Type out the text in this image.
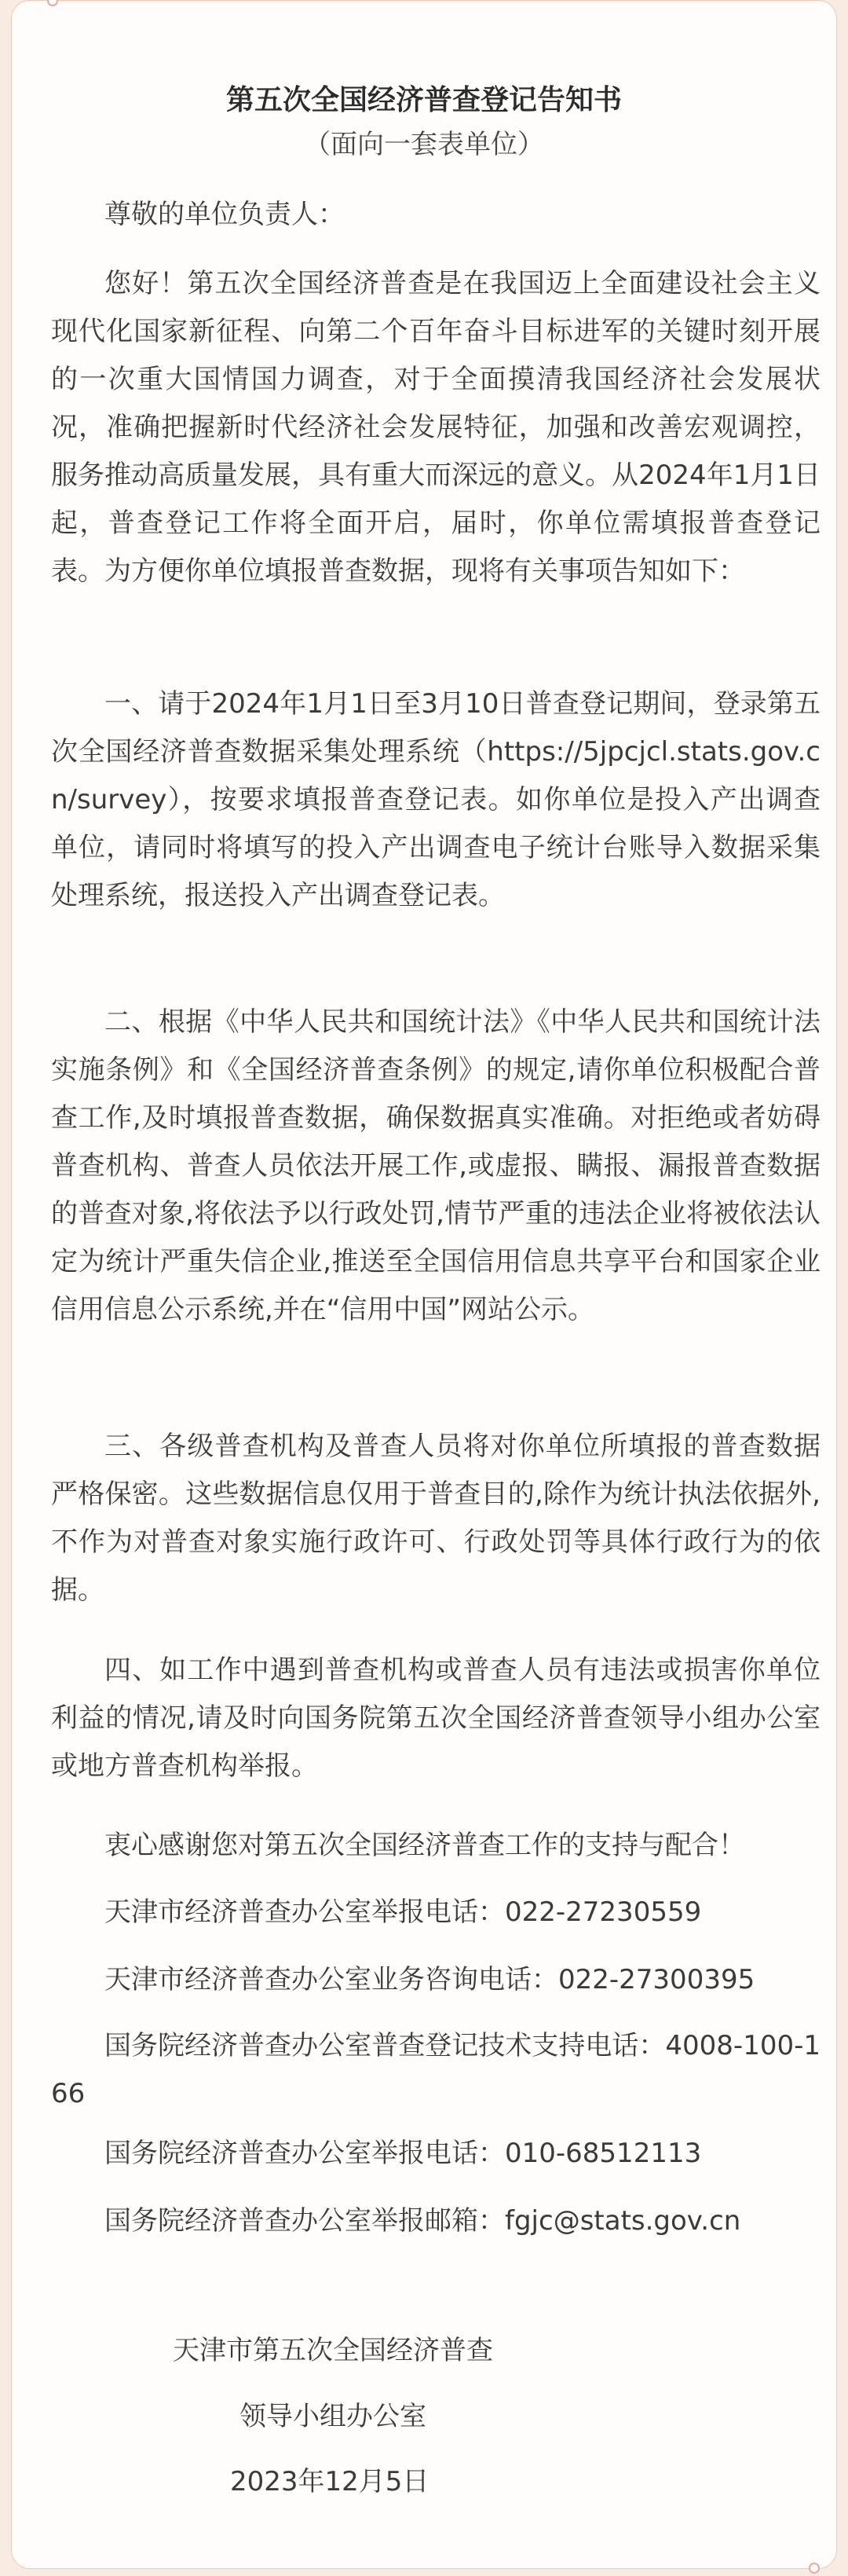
第五次全国经济普查登记告知书
（面向一套表单位）

尊敬的单位负责人：

您好！第五次全国经济普查是在我国迈上全面建设社会主义现代化国家新征程、向第二个百年奋斗目标进军的关键时刻开展的一次重大国情国力调查，对于全面摸清我国经济社会发展状况，准确把握新时代经济社会发展特征，加强和改善宏观调控，服务推动高质量发展，具有重大而深远的意义。从2024年1月1日起，普查登记工作将全面开启，届时，你单位需填报普查登记表。为方便你单位填报普查数据，现将有关事项告知如下：

一、请于2024年1月1日至3月10日普查登记期间，登录第五次全国经济普查数据采集处理系统（https://5jpcjcl.stats.gov.cn/survey），按要求填报普查登记表。如你单位是投入产出调查单位，请同时将填写的投入产出调查电子统计台账导入数据采集处理系统，报送投入产出调查登记表。

二、根据《中华人民共和国统计法》《中华人民共和国统计法实施条例》和《全国经济普查条例》的规定,请你单位积极配合普查工作,及时填报普查数据，确保数据真实准确。对拒绝或者妨碍普查机构、普查人员依法开展工作,或虚报、瞒报、漏报普查数据的普查对象,将依法予以行政处罚,情节严重的违法企业将被依法认定为统计严重失信企业,推送至全国信用信息共享平台和国家企业信用信息公示系统,并在“信用中国”网站公示。

三、各级普查机构及普查人员将对你单位所填报的普查数据严格保密。这些数据信息仅用于普查目的,除作为统计执法依据外,不作为对普查对象实施行政许可、行政处罚等具体行政行为的依据。

四、如工作中遇到普查机构或普查人员有违法或损害你单位利益的情况,请及时向国务院第五次全国经济普查领导小组办公室或地方普查机构举报。

衷心感谢您对第五次全国经济普查工作的支持与配合！

天津市经济普查办公室举报电话：022-27230559

天津市经济普查办公室业务咨询电话：022-27300395

国务院经济普查办公室普查登记技术支持电话：4008-100-166

国务院经济普查办公室举报电话：010-68512113

国务院经济普查办公室举报邮箱：fgjc@stats.gov.cn

天津市第五次全国经济普查
领导小组办公室
2023年12月5日
